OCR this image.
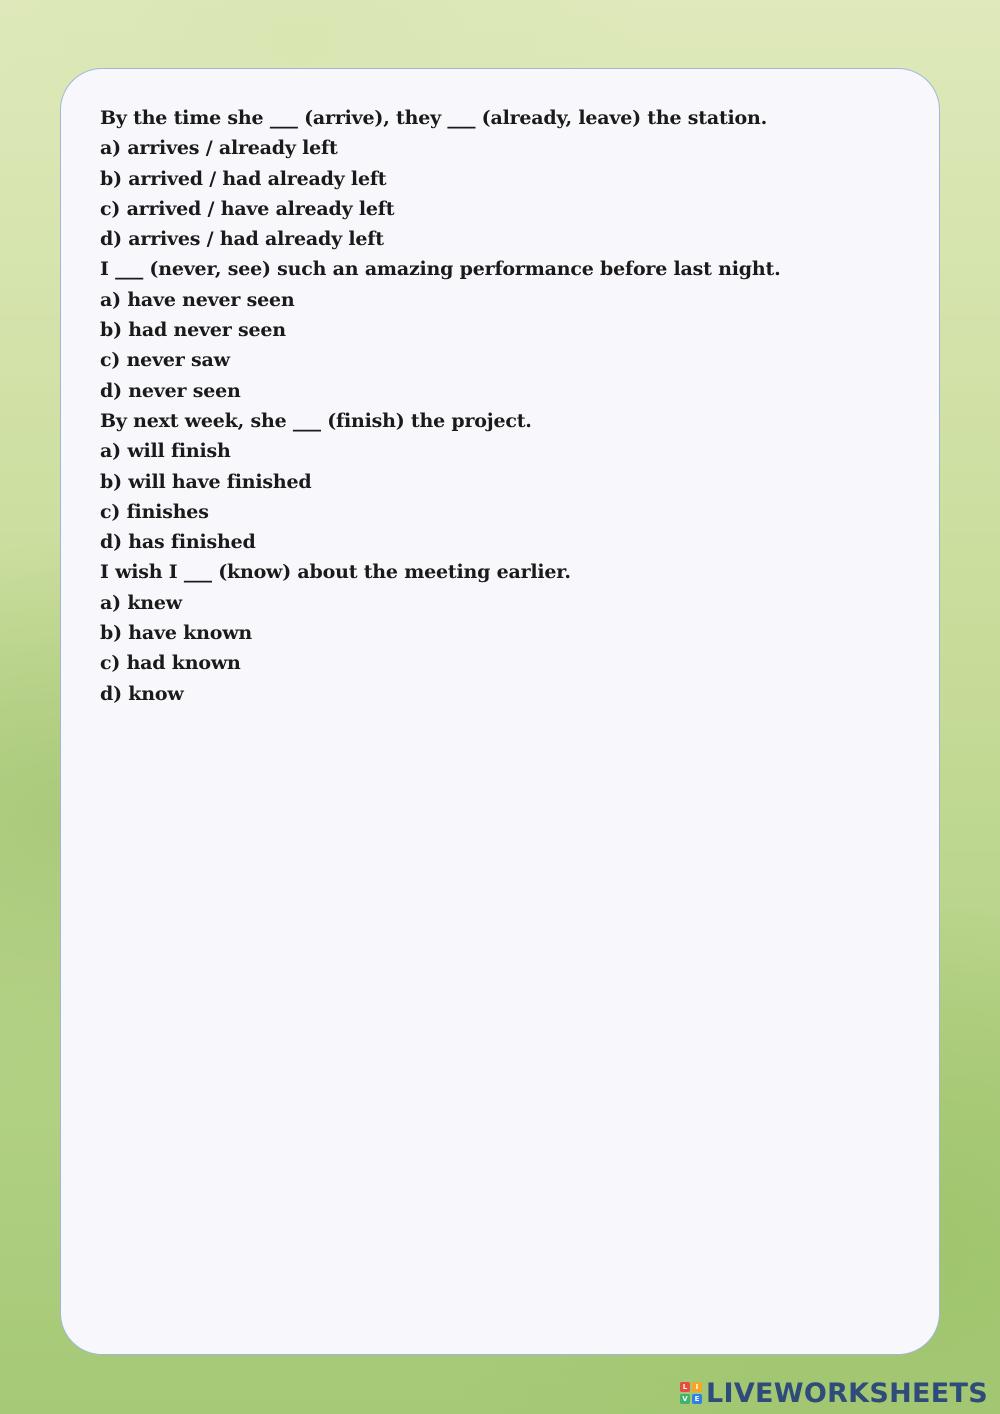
By the time she ___ (arrive), they ___ (already, leave) the station.
a) arrives / already left
b) arrived / had already left
c) arrived / have already left
d) arrives / had already left
I ___ (never, see) such an amazing performance before last night.
a) have never seen
b) had never seen
c) never saw
d) never seen
By next week, she ___ (finish) the project.
a) will finish
b) will have finished
c) finishes
d) has finished
I wish I ___ (know) about the meeting earlier.
a) knew
b) have known
c) had known
d) know
L	I
V E LIVEWORKSHEETS
